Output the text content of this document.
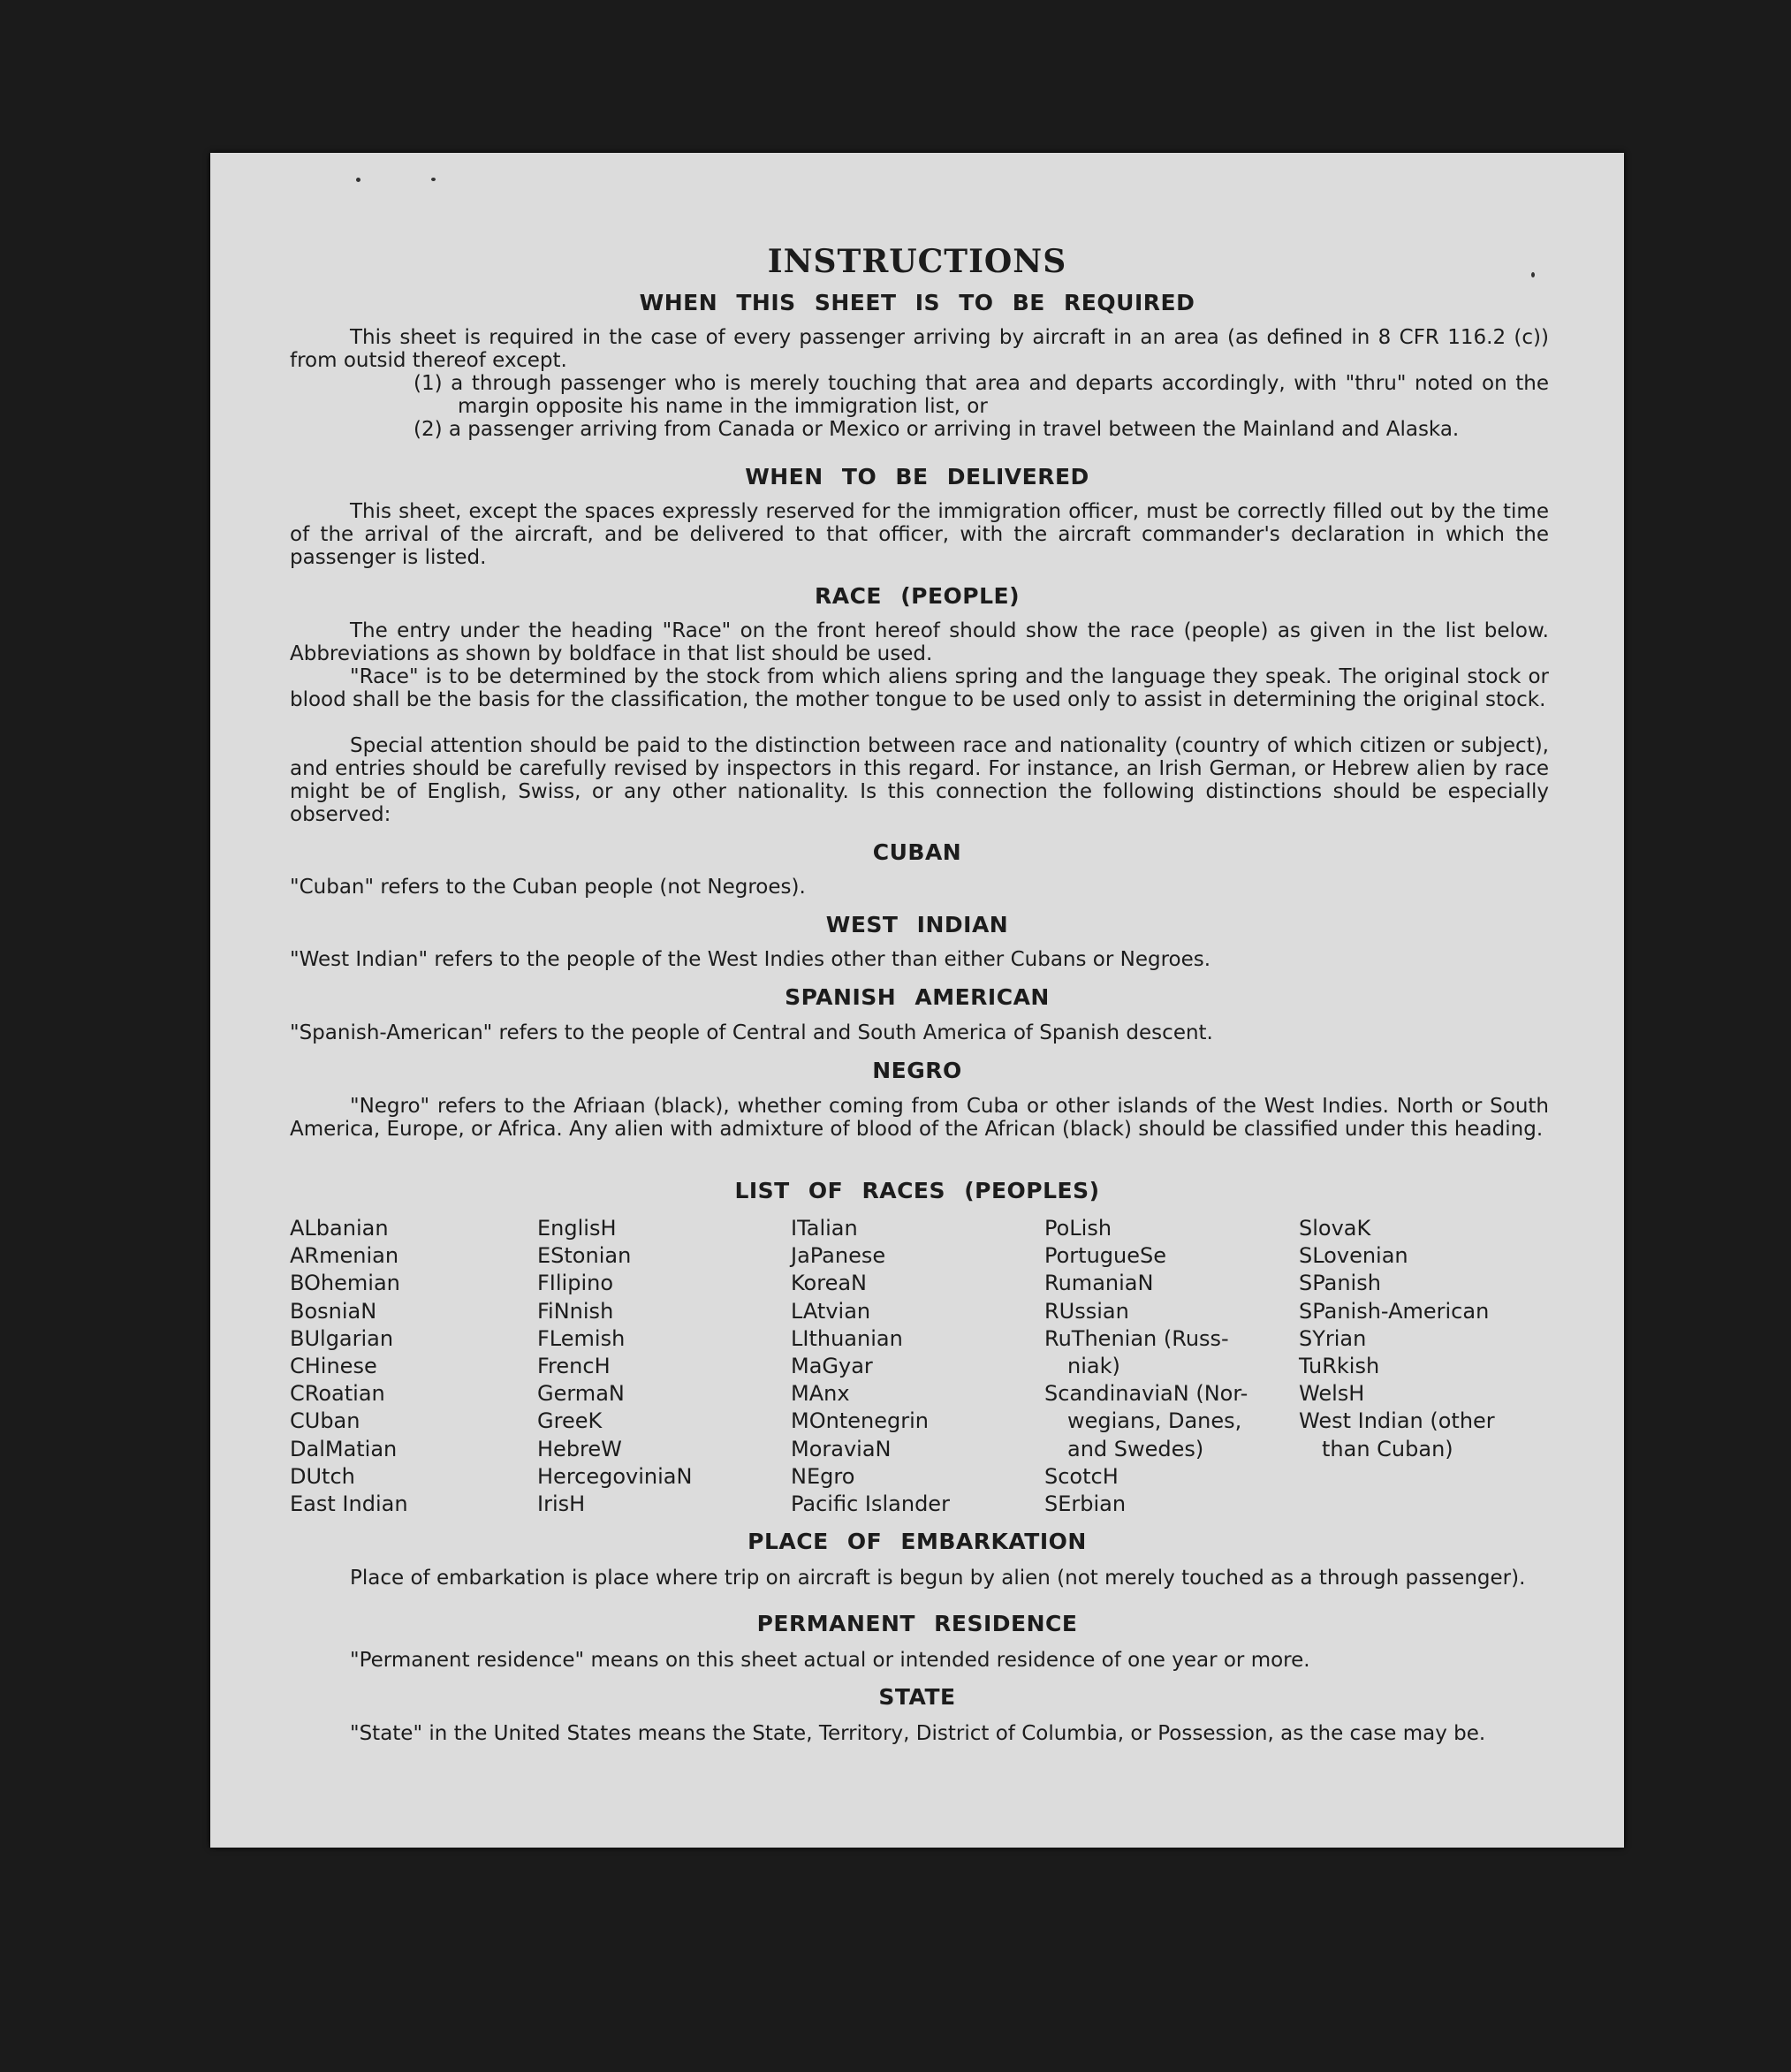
INSTRUCTIONS
WHEN THIS SHEET IS TO BE REQUIRED
This sheet is required in the case of every passenger arriving by aircraft in an area (as defined in 8 CFR 116.2 (c)) from outsid thereof except.
(1) a through passenger who is merely touching that area and departs accordingly, with "thru" noted on the margin opposite his name in the immigration list, or
(2) a passenger arriving from Canada or Mexico or arriving in travel between the Mainland and Alaska.
WHEN TO BE DELIVERED
This sheet, except the spaces expressly reserved for the immigration officer, must be correctly filled out by the time of the arrival of the aircraft, and be delivered to that officer, with the aircraft commander's declaration in which the passenger is listed.
RACE (PEOPLE)
The entry under the heading "Race" on the front hereof should show the race (people) as given in the list below. Abbreviations as shown by boldface in that list should be used.
"Race" is to be determined by the stock from which aliens spring and the language they speak. The original stock or blood shall be the basis for the classification, the mother tongue to be used only to assist in determining the original stock.
Special attention should be paid to the distinction between race and nationality (country of which citizen or subject), and entries should be carefully revised by inspectors in this regard. For instance, an Irish German, or Hebrew alien by race might be of English, Swiss, or any other nationality. Is this connection the following distinctions should be especially observed:
CUBAN
"Cuban" refers to the Cuban people (not Negroes).
WEST INDIAN
"West Indian" refers to the people of the West Indies other than either Cubans or Negroes.
SPANISH AMERICAN
"Spanish-American" refers to the people of Central and South America of Spanish descent.
NEGRO
"Negro" refers to the Afriaan (black), whether coming from Cuba or other islands of the West Indies. North or South America, Europe, or Africa. Any alien with admixture of blood of the African (black) should be classified under this heading.
LIST OF RACES (PEOPLES)
ALbanian
ARmenian
BOhemian
BosniaN
BUlgarian
CHinese
CRoatian
CUban
DalMatian
DUtch
East Indian
EnglisH
EStonian
FIlipino
FiNnish
FLemish
FrencH
GermaN
GreeK
HebreW
HercegoviniaN
IrisH
ITalian
JaPanese
KoreaN
LAtvian
LIthuanian
MaGyar
MAnx
MOntenegrin
MoraviaN
NEgro
Pacific Islander
PoLish
PortugueSe
RumaniaN
RUssian
RuThenian (Russ-
niak)
ScandinaviaN (Nor-
wegians, Danes,
and Swedes)
ScotcH
SErbian
SlovaK
SLovenian
SPanish
SPanish-American
SYrian
TuRkish
WelsH
West Indian (other
than Cuban)
PLACE OF EMBARKATION
Place of embarkation is place where trip on aircraft is begun by alien (not merely touched as a through passenger).
PERMANENT RESIDENCE
"Permanent residence" means on this sheet actual or intended residence of one year or more.
STATE
"State" in the United States means the State, Territory, District of Columbia, or Possession, as the case may be.
